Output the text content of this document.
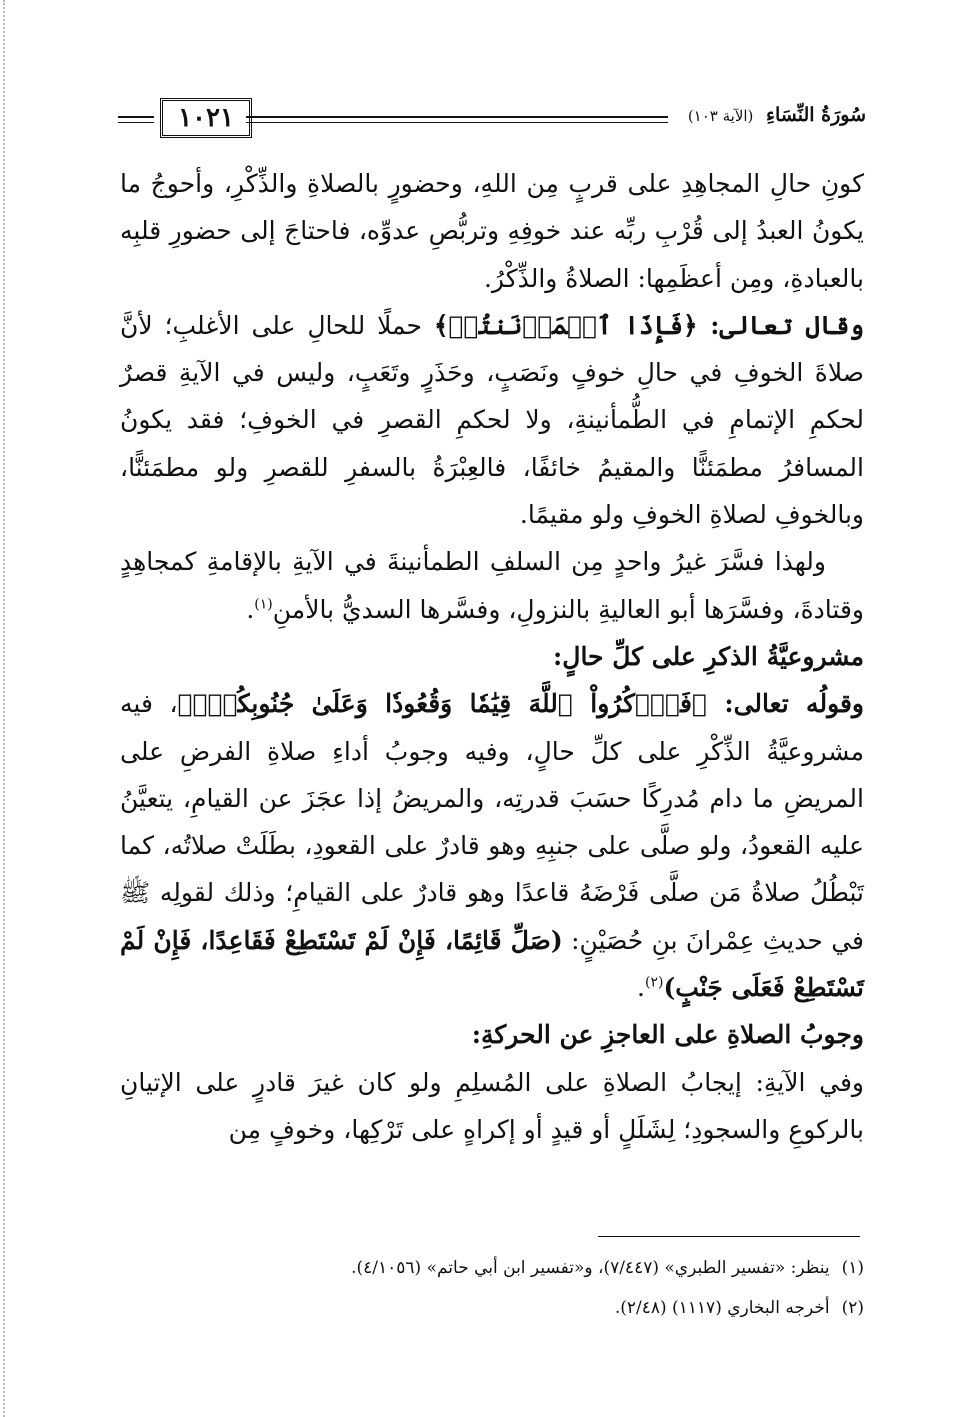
سُورَةُ النِّسَاءِ (الآية ١٠٣)
١٠٢١

كونِ حالِ المجاهِدِ على قربٍ مِن اللهِ، وحضورٍ بالصلاةِ والذِّكْرِ، وأحوجُ ما يكونُ العبدُ إلى قُرْبِ ربِّه عند خوفِهِ وتربُّصِ عدوِّه، فاحتاجَ إلى حضورِ قلبِه بالعبادةِ، ومِن أعظَمِها: الصلاةُ والذِّكْرُ.

وقال تعالى: ﴿فَإِذَا ٱطۡمَأۡنَنتُمۡ﴾ حملًا للحالِ على الأغلبِ؛ لأنَّ صلاةَ الخوفِ في حالِ خوفٍ ونَصَبٍ، وحَذَرٍ وتَعَبٍ، وليس في الآيةِ قصرٌ لحكمِ الإتمامِ في الطُّمأنينةِ، ولا لحكمِ القصرِ في الخوفِ؛ فقد يكونُ المسافرُ مطمَئنًّا والمقيمُ خائفًا، فالعِبْرَةُ بالسفرِ للقصرِ ولو مطمَئنًّا، وبالخوفِ لصلاةِ الخوفِ ولو مقيمًا.

ولهذا فسَّرَ غيرُ واحدٍ مِن السلفِ الطمأنينةَ في الآيةِ بالإقامةِ كمجاهِدٍ وقتادةَ، وفسَّرَها أبو العاليةِ بالنزولِ، وفسَّرها السديُّ بالأمنِ$^{(١)}$.

مشروعيَّةُ الذكرِ على كلِّ حالٍ:

وقولُه تعالى: ﴿فَٱذۡكُرُواْ ٱللَّهَ قِيَٰمٗا وَقُعُودٗا وَعَلَىٰ جُنُوبِكُمۡۚ﴾، فيه مشروعيَّةُ الذِّكْرِ على كلِّ حالٍ، وفيه وجوبُ أداءِ صلاةِ الفرضِ على المريضِ ما دام مُدرِكًا حسَبَ قدرتِه، والمريضُ إذا عجَزَ عن القيامِ، يتعيَّنُ عليه القعودُ، ولو صلَّى على جنبِهِ وهو قادرٌ على القعودِ، بطَلَتْ صلاتُه، كما تَبْطُلُ صلاةُ مَن صلَّى فَرْضَهُ قاعدًا وهو قادرٌ على القيامِ؛ وذلك لقولِه ﷺ في حديثِ عِمْرانَ بنِ حُصَيْنٍ: (صَلِّ قَائِمًا، فَإِنْ لَمْ تَسْتَطِعْ فَقَاعِدًا، فَإِنْ لَمْ تَسْتَطِعْ فَعَلَى جَنْبٍ)$^{(٢)}$.

وجوبُ الصلاةِ على العاجزِ عن الحركةِ:

وفي الآيةِ: إيجابُ الصلاةِ على المُسلِمِ ولو كان غيرَ قادرٍ على الإتيانِ بالركوعِ والسجودِ؛ لِشَلَلٍ أو قيدٍ أو إكراهٍ على تَرْكِها، وخوفٍ مِن

(١)ينظر: «تفسير الطبري» (٧/٤٤٧)، و«تفسير ابن أبي حاتم» (٤/١٠٥٦).

(٢)أخرجه البخاري (١١١٧) (٢/٤٨).
